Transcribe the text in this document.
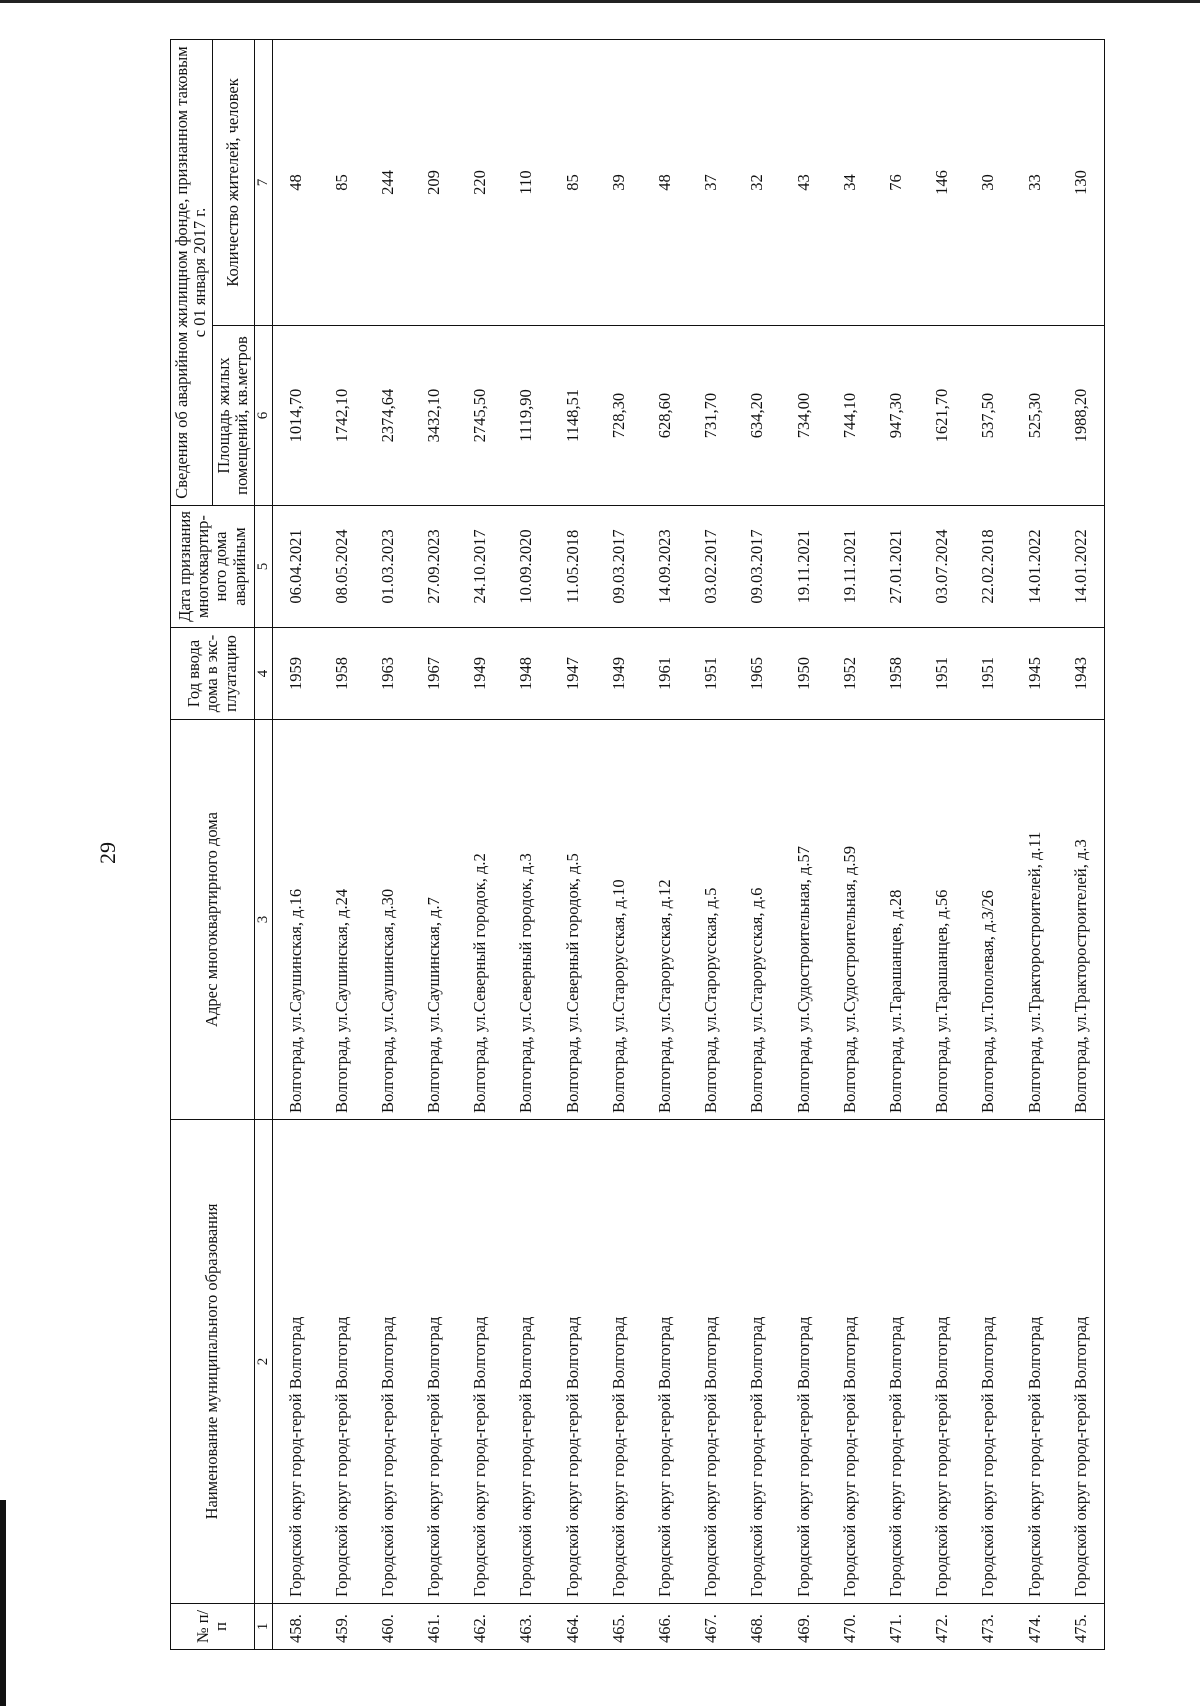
29
№ п/п	Наименование муниципального образования	Адрес многоквартирного дома	Год ввода дома в экс-плуатацию	Дата признания многоквартир-ного дома аварийным	Сведения об аварийном жилищном фонде, признанном таковым с 01 января 2017 г.	
					Площадь жилых помещений, кв.метров	Количество жителей, человек
1	2	3	4	5	6	7
458.	Городской округ город-герой Волгоград	Волгоград, ул.Саушинская, д.16	1959	06.04.2021	1014,70	48
459.	Городской округ город-герой Волгоград	Волгоград, ул.Саушинская, д.24	1958	08.05.2024	1742,10	85
460.	Городской округ город-герой Волгоград	Волгоград, ул.Саушинская, д.30	1963	01.03.2023	2374,64	244
461.	Городской округ город-герой Волгоград	Волгоград, ул.Саушинская, д.7	1967	27.09.2023	3432,10	209
462.	Городской округ город-герой Волгоград	Волгоград, ул.Северный городок, д.2	1949	24.10.2017	2745,50	220
463.	Городской округ город-герой Волгоград	Волгоград, ул.Северный городок, д.3	1948	10.09.2020	1119,90	110
464.	Городской округ город-герой Волгоград	Волгоград, ул.Северный городок, д.5	1947	11.05.2018	1148,51	85
465.	Городской округ город-герой Волгоград	Волгоград, ул.Старорусская, д.10	1949	09.03.2017	728,30	39
466.	Городской округ город-герой Волгоград	Волгоград, ул.Старорусская, д.12	1961	14.09.2023	628,60	48
467.	Городской округ город-герой Волгоград	Волгоград, ул.Старорусская, д.5	1951	03.02.2017	731,70	37
468.	Городской округ город-герой Волгоград	Волгоград, ул.Старорусская, д.6	1965	09.03.2017	634,20	32
469.	Городской округ город-герой Волгоград	Волгоград, ул.Судостроительная, д.57	1950	19.11.2021	734,00	43
470.	Городской округ город-герой Волгоград	Волгоград, ул.Судостроительная, д.59	1952	19.11.2021	744,10	34
471.	Городской округ город-герой Волгоград	Волгоград, ул.Тарашанцев, д.28	1958	27.01.2021	947,30	76
472.	Городской округ город-герой Волгоград	Волгоград, ул.Тарашанцев, д.56	1951	03.07.2024	1621,70	146
473.	Городской округ город-герой Волгоград	Волгоград, ул.Тополевая, д.3/26	1951	22.02.2018	537,50	30
474.	Городской округ город-герой Волгоград	Волгоград, ул.Тракторостроителей, д.11	1945	14.01.2022	525,30	33
475.	Городской округ город-герой Волгоград	Волгоград, ул.Тракторостроителей, д.3	1943	14.01.2022	1988,20	130
